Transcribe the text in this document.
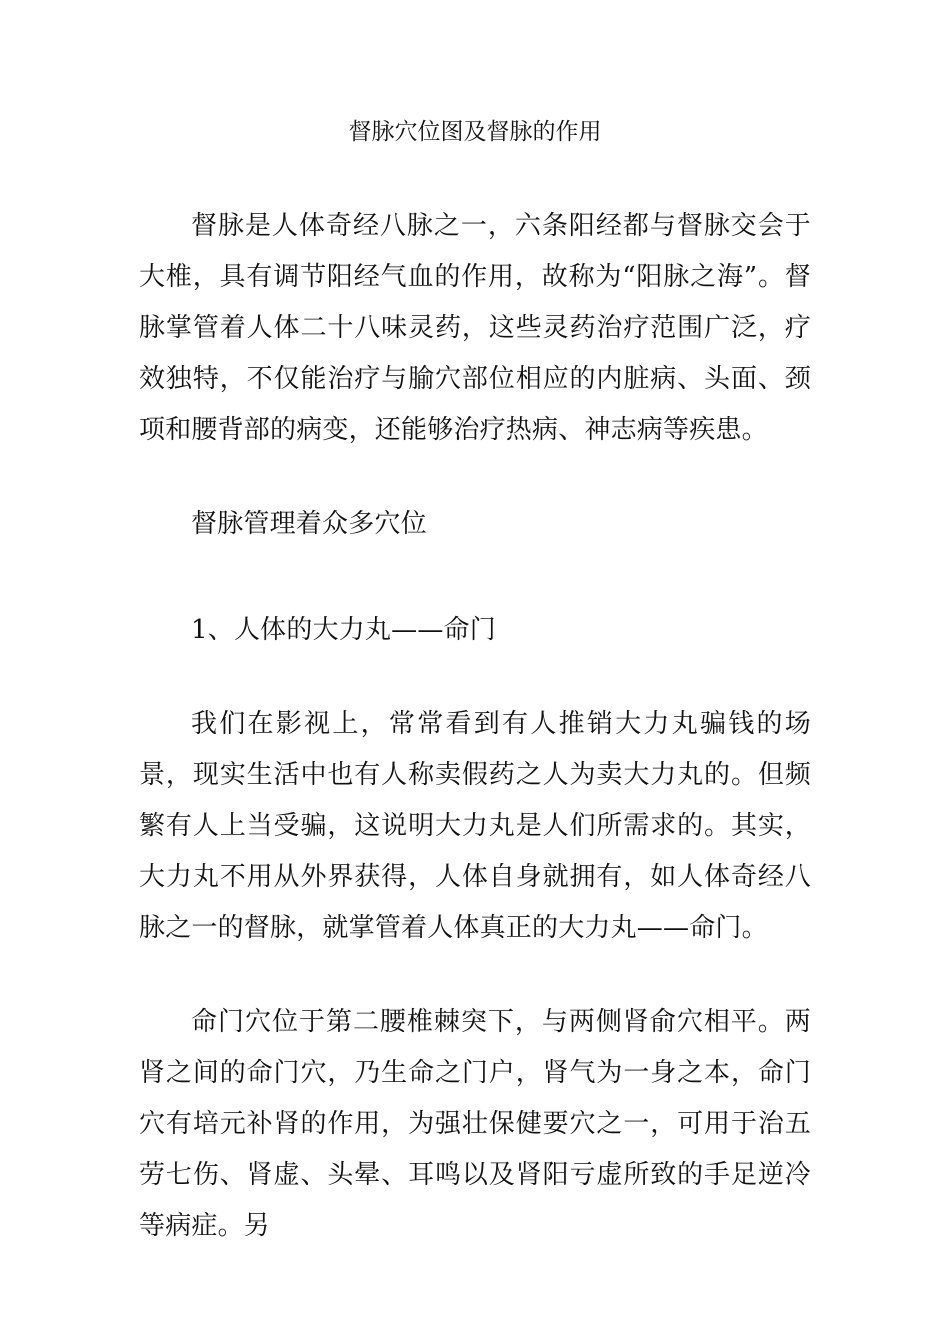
督脉穴位图及督脉的作用

督脉是人体奇经八脉之一，六条阳经都与督脉交会于大椎，具有调节阳经气血的作用，故称为“阳脉之海”。督脉掌管着人体二十八味灵药，这些灵药治疗范围广泛，疗效独特，不仅能治疗与腧穴部位相应的内脏病、头面、颈项和腰背部的病变，还能够治疗热病、神志病等疾患。

督脉管理着众多穴位

1、人体的大力丸——命门

我们在影视上，常常看到有人推销大力丸骗钱的场景，现实生活中也有人称卖假药之人为卖大力丸的。但频繁有人上当受骗，这说明大力丸是人们所需求的。其实，大力丸不用从外界获得，人体自身就拥有，如人体奇经八脉之一的督脉，就掌管着人体真正的大力丸——命门。

命门穴位于第二腰椎棘突下，与两侧肾俞穴相平。两肾之间的命门穴，乃生命之门户，肾气为一身之本，命门穴有培元补肾的作用，为强壮保健要穴之一，可用于治五劳七伤、肾虚、头晕、耳鸣以及肾阳亏虚所致的手足逆冷等病症。另
